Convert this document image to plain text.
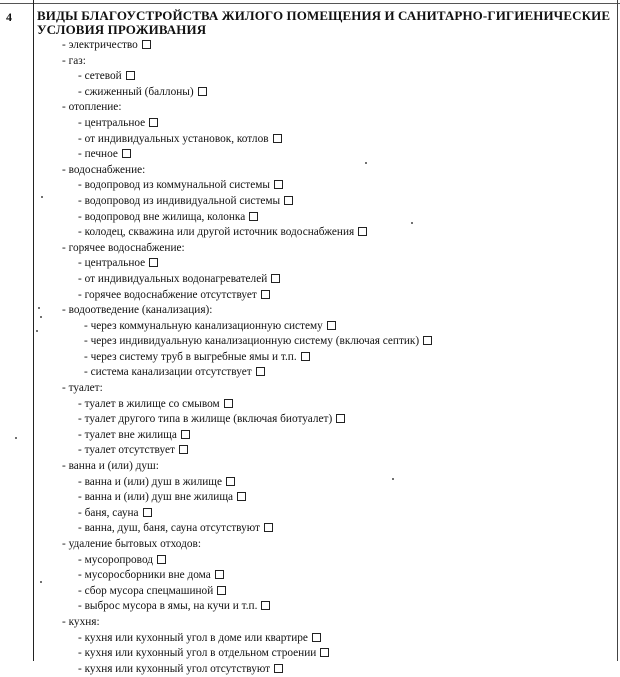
4 ВИДЫ БЛАГОУСТРОЙСТВА ЖИЛОГО ПОМЕЩЕНИЯ И САНИТАРНО-ГИГИЕНИЧЕСКИЕ УСЛОВИЯ ПРОЖИВАНИЯ
- электричество
- газ:
- сетевой
- сжиженный (баллоны)
- отопление:
- центральное
- от индивидуальных установок, котлов
- печное
- водоснабжение:
- водопровод из коммунальной системы
- водопровод из индивидуальной системы
- водопровод вне жилища, колонка
- колодец, скважина или другой источник водоснабжения
- горячее водоснабжение:
- центральное
- от индивидуальных водонагревателей
- горячее водоснабжение отсутствует
- водоотведение (канализация):
- через коммунальную канализационную систему
- через индивидуальную канализационную систему (включая септик)
- через систему труб в выгребные ямы и т.п.
- система канализации отсутствует
- туалет:
- туалет в жилище со смывом
- туалет другого типа в жилище (включая биотуалет)
- туалет вне жилища
- туалет отсутствует
- ванна и (или) душ:
- ванна и (или) душ в жилище
- ванна и (или) душ вне жилища
- баня, сауна
- ванна, душ, баня, сауна отсутствуют
- удаление бытовых отходов:
- мусоропровод
- мусоросборники вне дома
- сбор мусора спецмашиной
- выброс мусора в ямы, на кучи и т.п.
- кухня:
- кухня или кухонный угол в доме или квартире
- кухня или кухонный угол в отдельном строении
- кухня или кухонный угол отсутствуют
